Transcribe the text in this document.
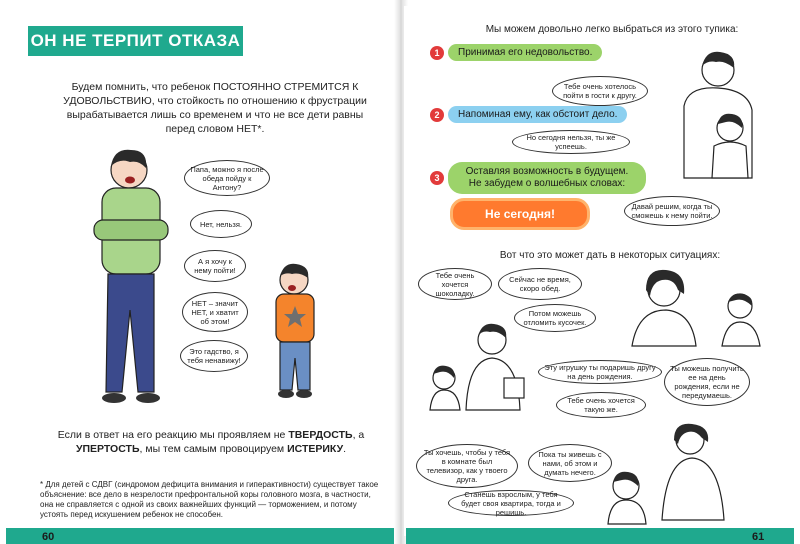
ОН НЕ ТЕРПИТ ОТКАЗА
Будем помнить, что ребенок ПОСТОЯННО СТРЕМИТСЯ К УДОВОЛЬСТВИЮ, что стойкость по отношению к фрустрации вырабатывается лишь со временем и что не все дети равны перед словом НЕТ*.
Папа, можно я после обеда пойду к Антону?
Нет, нельзя.
А я хочу к нему пойти!
НЕТ – значит НЕТ, и хватит об этом!
Это гадство, я тебя ненавижу!
Если в ответ на его реакцию мы проявляем не ТВЕРДОСТЬ, а УПЕРТОСТЬ, мы тем самым провоцируем ИСТЕРИКУ.
* Для детей с СДВГ (синдромом дефицита внимания и гиперактивности) существует такое объяснение: все дело в незрелости префронтальной коры головного мозга, в частности, она не справляется с одной из своих важнейших функций — торможением, и потому устоять перед искушением ребенок не способен.
Мы можем довольно легко выбраться из этого тупика:
1	Принимая его недовольство.
Тебе очень хотелось пойти в гости к другу.
2	Напоминая ему, как обстоит дело.
Но сегодня нельзя, ты же успеешь.
3
Оставляя возможность в будущем. Не забудем о волшебных словах:
Не сегодня!
Давай решим, когда ты сможешь к нему пойти.
Вот что это может дать в некоторых ситуациях:
Тебе очень хочется шоколадку.
Сейчас не время, скоро обед.
Потом можешь отломить кусочек.
Эту игрушку ты подаришь другу на день рождения.
Тебе очень хочется такую же.
Ты можешь получить ее на день рождения, если не передумаешь.
Ты хочешь, чтобы у тебя в комнате был телевизор, как у твоего друга.
Пока ты живешь с нами, об этом и думать нечего.
Станешь взрослым, у тебя будет своя квартира, тогда и решишь.
60	61
